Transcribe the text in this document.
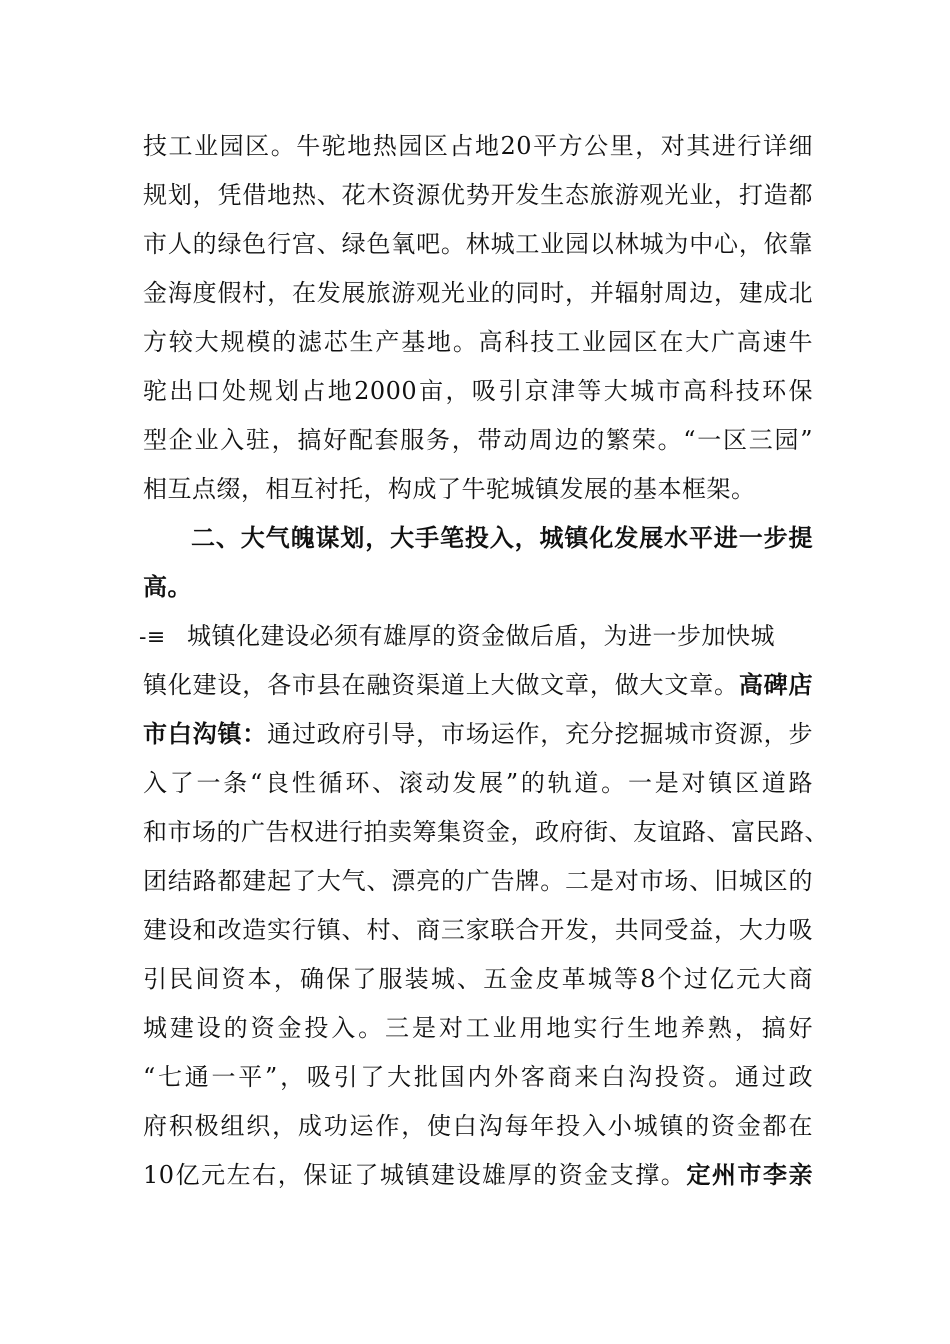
技工业园区。牛驼地热园区占地20平方公里，对其进行详细
规划，凭借地热、花木资源优势开发生态旅游观光业，打造都
市人的绿色行宫、绿色氧吧。林城工业园以林城为中心，依靠
金海度假村，在发展旅游观光业的同时，并辐射周边，建成北
方较大规模的滤芯生产基地。高科技工业园区在大广高速牛
驼出口处规划占地2000亩，吸引京津等大城市高科技环保
型企业入驻，搞好配套服务，带动周边的繁荣。“一区三园”
相互点缀，相互衬托，构成了牛驼城镇发展的基本框架。
二、大气魄谋划，大手笔投入，城镇化发展水平进一步提
高。
-≡ 城镇化建设必须有雄厚的资金做后盾，为进一步加快城
镇化建设，各市县在融资渠道上大做文章，做大文章。高碑店
市白沟镇：通过政府引导，市场运作，充分挖掘城市资源，步
入了一条“良性循环、滚动发展”的轨道。一是对镇区道路
和市场的广告权进行拍卖筹集资金，政府街、友谊路、富民路、
团结路都建起了大气、漂亮的广告牌。二是对市场、旧城区的
建设和改造实行镇、村、商三家联合开发，共同受益，大力吸
引民间资本，确保了服装城、五金皮革城等8个过亿元大商
城建设的资金投入。三是对工业用地实行生地养熟，搞好
“七通一平”，吸引了大批国内外客商来白沟投资。通过政
府积极组织，成功运作，使白沟每年投入小城镇的资金都在
10亿元左右，保证了城镇建设雄厚的资金支撑。定州市李亲
